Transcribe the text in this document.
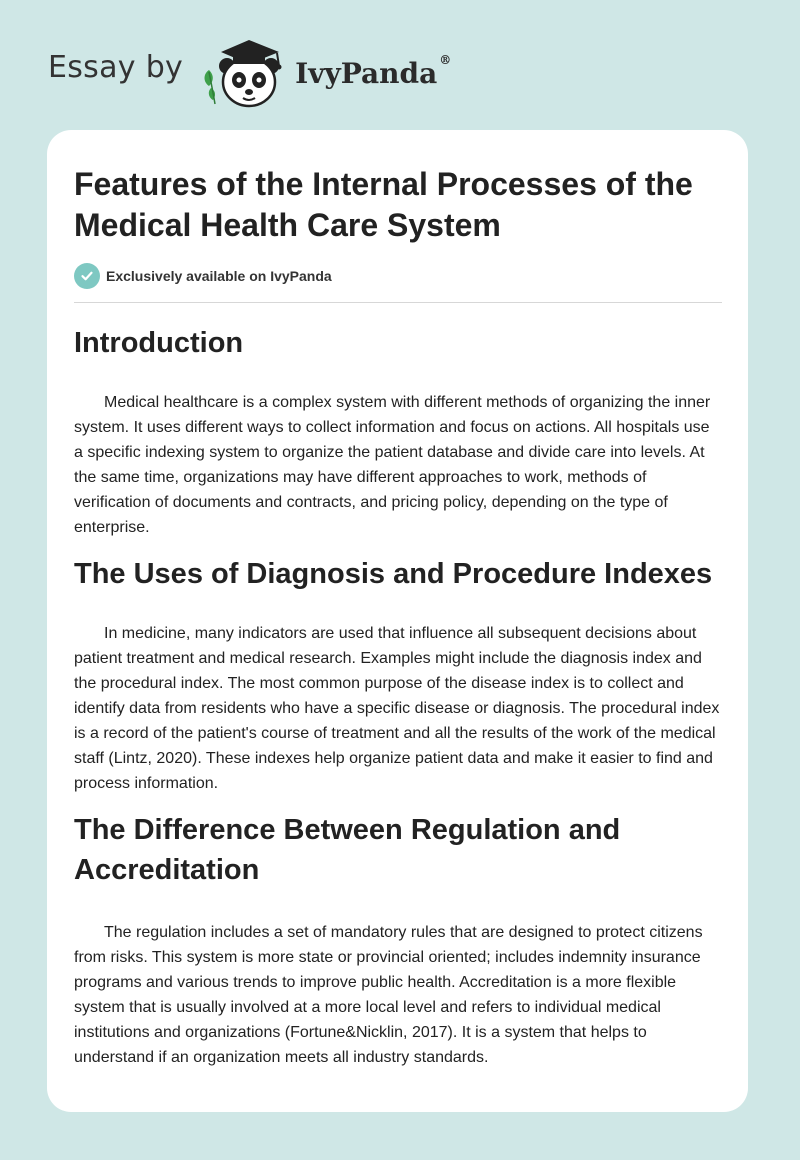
Essay by	IvyPanda ®
Features of the Internal Processes of the Medical Health Care System
Exclusively available on IvyPanda
Introduction

Medical healthcare is a complex system with different methods of organizing the inner system. It uses different ways to collect information and focus on actions. All hospitals use a specific indexing system to organize the patient database and divide care into levels. At the same time, organizations may have different approaches to work, methods of verification of documents and contracts, and pricing policy, depending on the type of enterprise.

The Uses of Diagnosis and Procedure Indexes

In medicine, many indicators are used that influence all subsequent decisions about patient treatment and medical research. Examples might include the diagnosis index and the procedural index. The most common purpose of the disease index is to collect and identify data from residents who have a specific disease or diagnosis. The procedural index is a record of the patient's course of treatment and all the results of the work of the medical staff (Lintz, 2020). These indexes help organize patient data and make it easier to find and process information.

The Difference Between Regulation and Accreditation

The regulation includes a set of mandatory rules that are designed to protect citizens from risks. This system is more state or provincial oriented; includes indemnity insurance programs and various trends to improve public health. Accreditation is a more flexible system that is usually involved at a more local level and refers to individual medical institutions and organizations (Fortune&Nicklin, 2017). It is a system that helps to understand if an organization meets all industry standards.
